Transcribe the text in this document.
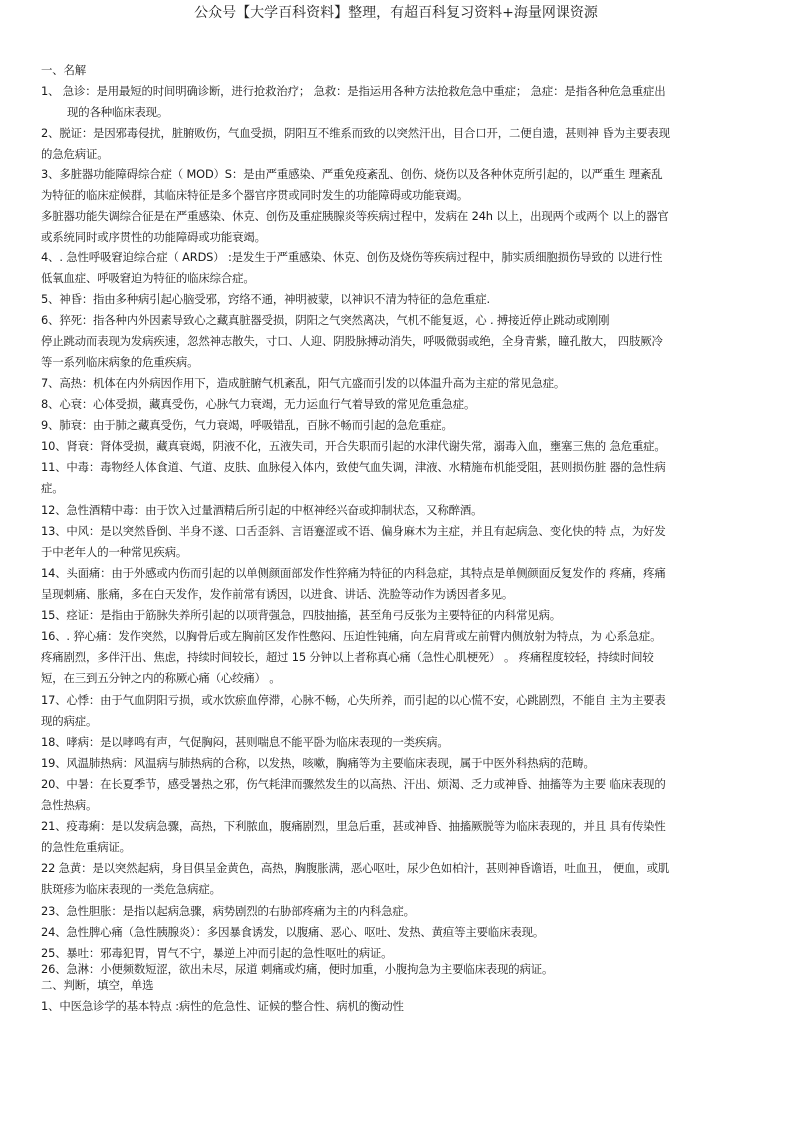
公众号【大学百科资料】整理，有超百科复习资料+海量网课资源
一、名解
1、 急诊：是用最短的时间明确诊断，进行抢救治疗； 急救：是指运用各种方法抢救危急中重症； 急症：是指各种危急重症出
现的各种临床表现。
2、脱证：是因邪毒侵扰，脏腑败伤，气血受损，阴阳互不维系而致的以突然汗出，目合口开，二便自遗，甚则神 昏为主要表现
的急危病证。
3、多脏器功能障碍综合症（ MOD）S：是由严重感染、严重免疫紊乱、创伤、烧伤以及各种休克所引起的，以严重生 理紊乱
为特征的临床症候群，其临床特征是多个器官序贯或同时发生的功能障碍或功能衰竭。
多脏器功能失调综合征是在严重感染、休克、创伤及重症胰腺炎等疾病过程中，发病在 24h 以上，出现两个或两个 以上的器官
或系统同时或序贯性的功能障碍或功能衰竭。
4、. 急性呼吸窘迫综合症（ ARDS） :是发生于严重感染、休克、创伤及烧伤等疾病过程中，肺实质细胞损伤导致的 以进行性
低氧血症、呼吸窘迫为特征的临床综合症。
5、神昏：指由多种病引起心脑受邪，窍络不通，神明被蒙，以神识不清为特征的急危重症.
6、猝死：指各种内外因素导致心之藏真脏器受损，阴阳之气突然离决，气机不能复返，心 . 搏接近停止跳动或刚刚
停止跳动而表现为发病疾速，忽然神志散失，寸口、人迎、阴股脉搏动消失，呼吸微弱或绝，全身青紫，瞳孔散大， 四肢厥冷
等一系列临床病象的危重疾病。
7、高热：机体在内外病因作用下，造成脏腑气机紊乱，阳气亢盛而引发的以体温升高为主症的常见急症。
8、心衰：心体受损，藏真受伤，心脉气力衰竭，无力运血行气着导致的常见危重急症。
9、肺衰：由于肺之藏真受伤，气力衰竭，呼吸错乱，百脉不畅而引起的急危重症。
10、肾衰：肾体受损，藏真衰竭，阴液不化，五液失司，开合失职而引起的水津代谢失常，溺毒入血，壅塞三焦的 急危重症。
11、中毒：毒物经人体食道、气道、皮肤、血脉侵入体内，致使气血失调，津液、水精施布机能受阻，甚则损伤脏 器的急性病
症。
12、急性酒精中毒：由于饮入过量酒精后所引起的中枢神经兴奋或抑制状态，又称醉酒。
13、中风：是以突然昏倒、半身不遂、口舌歪斜、言语蹇涩或不语、偏身麻木为主症，并且有起病急、变化快的特 点，为好发
于中老年人的一种常见疾病。
14、头面痛：由于外感或内伤而引起的以单侧颜面部发作性猝痛为特征的内科急症，其特点是单侧颜面反复发作的 疼痛，疼痛
呈现刺痛、胀痛，多在白天发作，发作前常有诱因，以进食、讲话、洗脸等动作为诱因者多见。
15、痉证：是指由于筋脉失养所引起的以项背强急，四肢抽搐，甚至角弓反张为主要特征的内科常见病。
16、. 猝心痛：发作突然，以胸骨后或左胸前区发作性憋闷、压迫性钝痛，向左肩背或左前臂内侧放射为特点，为 心系急症。
疼痛剧烈，多伴汗出、焦虑，持续时间较长，超过 15 分钟以上者称真心痛（急性心肌梗死） 。 疼痛程度较轻，持续时间较
短，在三到五分钟之内的称厥心痛（心绞痛） 。
17、心悸：由于气血阴阳亏损，或水饮瘀血停滞，心脉不畅，心失所养，而引起的以心慌不安，心跳剧烈，不能自 主为主要表
现的病症。
18、哮病：是以哮鸣有声，气促胸闷，甚则喘息不能平卧为临床表现的一类疾病。
19、风温肺热病：风温病与肺热病的合称，以发热，咳嗽，胸痛等为主要临床表现，属于中医外科热病的范畴。
20、中暑：在长夏季节，感受暑热之邪，伤气耗津而骤然发生的以高热、汗出、烦渴、乏力或神昏、抽搐等为主要 临床表现的
急性热病。
21、疫毒痢：是以发病急骤，高热，下利脓血，腹痛剧烈，里急后重，甚或神昏、抽搐厥脱等为临床表现的，并且 具有传染性
的急性危重病证。
22 急黄：是以突然起病，身目俱呈金黄色，高热，胸腹胀满，恶心呕吐，尿少色如柏汁，甚则神昏谵语，吐血丑， 便血，或肌
肤斑疹为临床表现的一类危急病症。
23、急性胆胀：是指以起病急骤，病势剧烈的右胁部疼痛为主的内科急症。
24、急性脾心痛（急性胰腺炎）：多因暴食诱发，以腹痛、恶心、呕吐、发热、黄疸等主要临床表现。
25、暴吐：邪毒犯胃，胃气不宁，暴逆上冲而引起的急性呕吐的病证。
26、急淋：小便频数短涩，欲出未尽，尿道 刺痛或灼痛，便时加重，小腹拘急为主要临床表现的病证。
二、判断，填空，单选
1、中医急诊学的基本特点 :病性的危急性、证候的整合性、病机的衡动性
